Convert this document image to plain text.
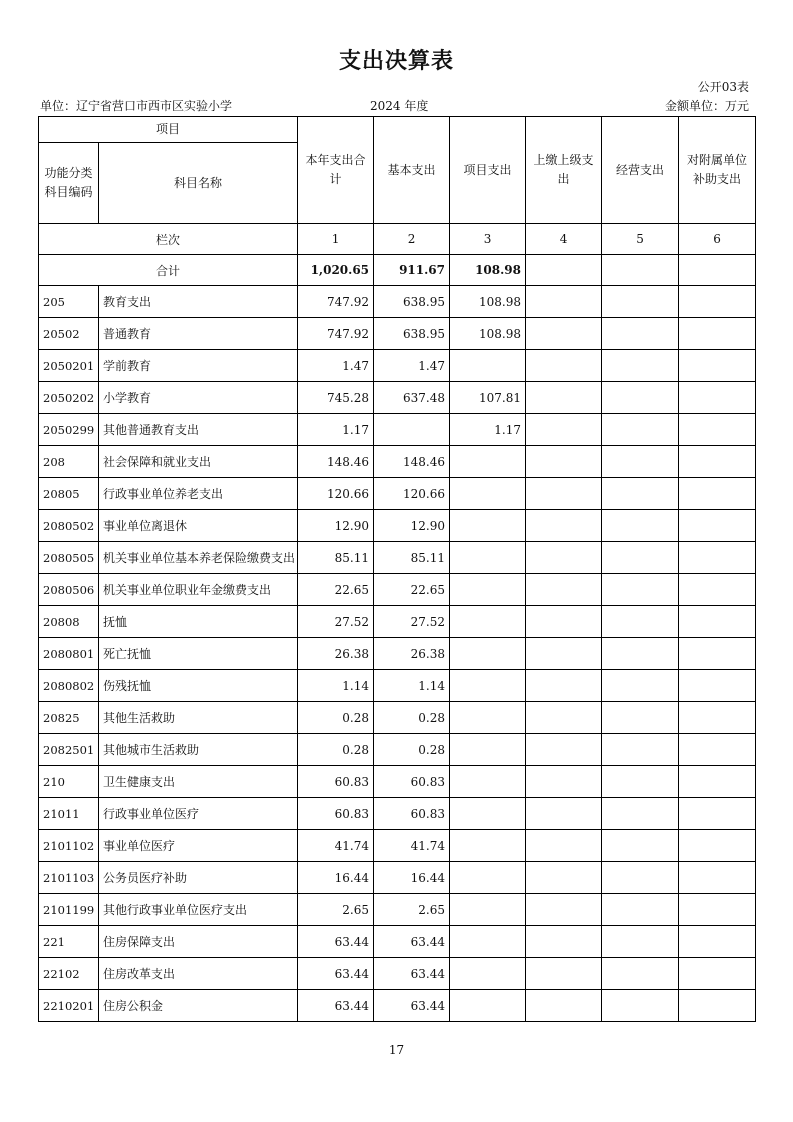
支出决算表
公开03表
单位：辽宁省营口市西市区实验小学	2024 年度	金额单位：万元
项目		本年支出合计	基本支出	项目支出	上缴上级支出	经营支出	对附属单位补助支出
功能分类科目编码	科目名称						
栏次		1	2	3	4	5	6
合计		1,020.65	911.67	108.98			
205	教育支出	747.92	638.95	108.98			
20502	普通教育	747.92	638.95	108.98			
2050201	学前教育	1.47	1.47				
2050202	小学教育	745.28	637.48	107.81			
2050299	其他普通教育支出	1.17		1.17			
208	社会保障和就业支出	148.46	148.46				
20805	行政事业单位养老支出	120.66	120.66				
2080502	事业单位离退休	12.90	12.90				
2080505	机关事业单位基本养老保险缴费支出	85.11	85.11				
2080506	机关事业单位职业年金缴费支出	22.65	22.65				
20808	抚恤	27.52	27.52				
2080801	死亡抚恤	26.38	26.38				
2080802	伤残抚恤	1.14	1.14				
20825	其他生活救助	0.28	0.28				
2082501	其他城市生活救助	0.28	0.28				
210	卫生健康支出	60.83	60.83				
21011	行政事业单位医疗	60.83	60.83				
2101102	事业单位医疗	41.74	41.74				
2101103	公务员医疗补助	16.44	16.44				
2101199	其他行政事业单位医疗支出	2.65	2.65				
221	住房保障支出	63.44	63.44				
22102	住房改革支出	63.44	63.44				
2210201	住房公积金	63.44	63.44				
17
